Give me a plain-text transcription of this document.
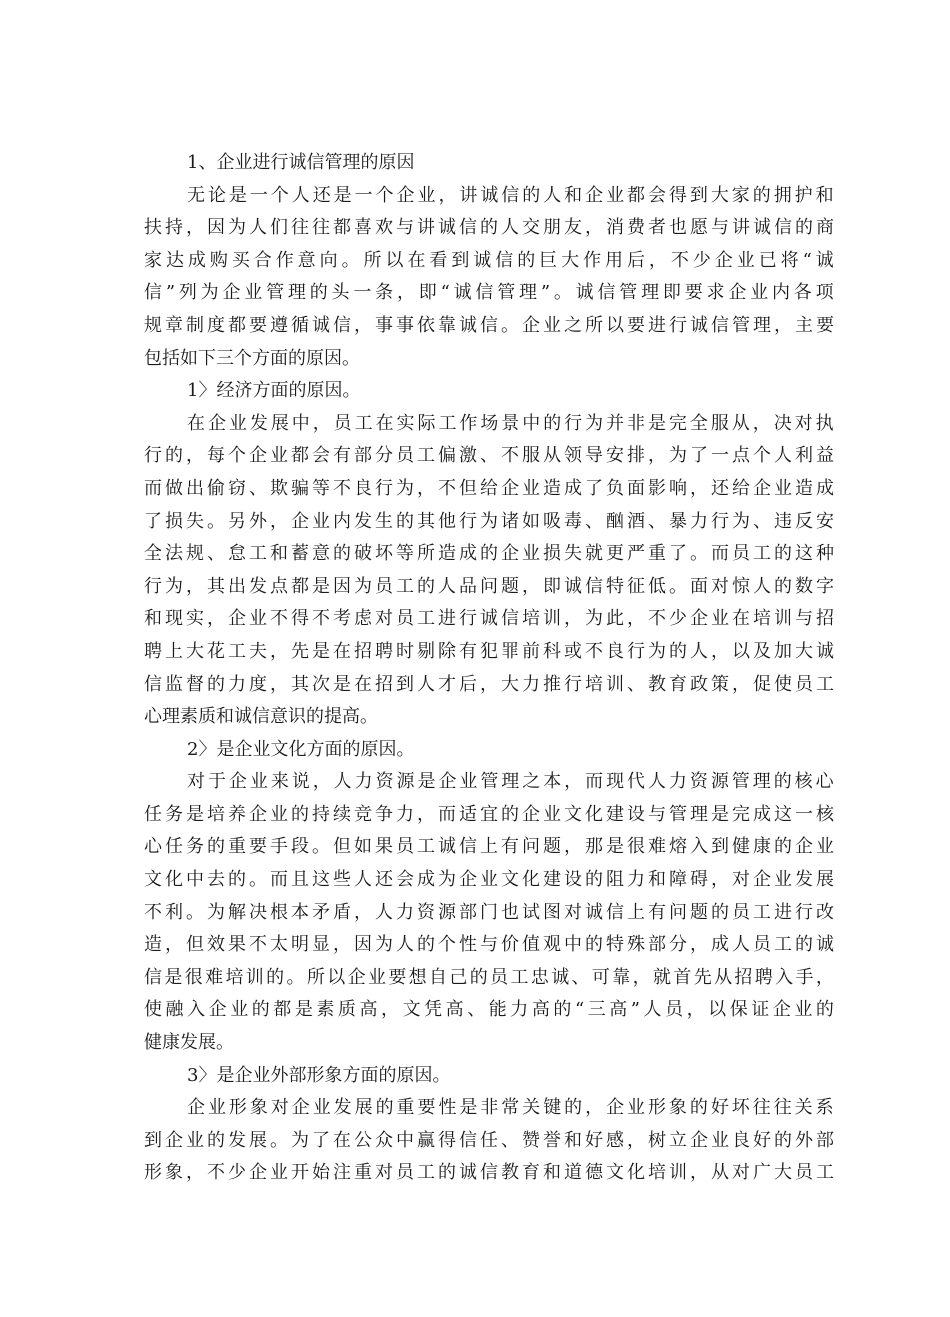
1、企业进行诚信管理的原因
无 论 是 一 个 人 还 是 一 个 企 业 ， 讲 诚 信 的 人 和 企 业 都 会 得 到 大 家 的 拥 护 和
扶 持 ， 因 为 人 们 往 往 都 喜 欢 与 讲 诚 信 的 人 交 朋 友 ， 消 费 者 也 愿 与 讲 诚 信 的 商
家 达 成 购 买 合 作 意 向 。 所 以 在 看 到 诚 信 的 巨 大 作 用 后 ， 不 少 企 业 已 将 “ 诚
信 ” 列 为 企 业 管 理 的 头 一 条 ， 即 “ 诚 信 管 理 ” 。 诚 信 管 理 即 要 求 企 业 内 各 项
规 章 制 度 都 要 遵 循 诚 信 ， 事 事 依 靠 诚 信 。 企 业 之 所 以 要 进 行 诚 信 管 理 ， 主 要
包括如下三个方面的原因。
1〉经济方面的原因。
在 企 业 发 展 中 ， 员 工 在 实 际 工 作 场 景 中 的 行 为 并 非 是 完 全 服 从 ， 决 对 执
行 的 ， 每 个 企 业 都 会 有 部 分 员 工 偏 激 、 不 服 从 领 导 安 排 ， 为 了 一 点 个 人 利 益
而 做 出 偷 窃 、 欺 骗 等 不 良 行 为 ， 不 但 给 企 业 造 成 了 负 面 影 响 ， 还 给 企 业 造 成
了 损 失 。 另 外 ， 企 业 内 发 生 的 其 他 行 为 诸 如 吸 毒 、 酗 酒 、 暴 力 行 为 、 违 反 安
全 法 规 、 怠 工 和 蓄 意 的 破 坏 等 所 造 成 的 企 业 损 失 就 更 严 重 了 。 而 员 工 的 这 种
行 为 ， 其 出 发 点 都 是 因 为 员 工 的 人 品 问 题 ， 即 诚 信 特 征 低 。 面 对 惊 人 的 数 字
和 现 实 ， 企 业 不 得 不 考 虑 对 员 工 进 行 诚 信 培 训 ， 为 此 ， 不 少 企 业 在 培 训 与 招
聘 上 大 花 工 夫 ， 先 是 在 招 聘 时 剔 除 有 犯 罪 前 科 或 不 良 行 为 的 人 ， 以 及 加 大 诚
信 监 督 的 力 度 ， 其 次 是 在 招 到 人 才 后 ， 大 力 推 行 培 训 、 教 育 政 策 ， 促 使 员 工
心理素质和诚信意识的提高。
2〉是企业文化方面的原因。
对 于 企 业 来 说 ， 人 力 资 源 是 企 业 管 理 之 本 ， 而 现 代 人 力 资 源 管 理 的 核 心
任 务 是 培 养 企 业 的 持 续 竞 争 力 ， 而 适 宜 的 企 业 文 化 建 设 与 管 理 是 完 成 这 一 核
心 任 务 的 重 要 手 段 。 但 如 果 员 工 诚 信 上 有 问 题 ， 那 是 很 难 熔 入 到 健 康 的 企 业
文 化 中 去 的 。 而 且 这 些 人 还 会 成 为 企 业 文 化 建 设 的 阻 力 和 障 碍 ， 对 企 业 发 展
不 利 。 为 解 决 根 本 矛 盾 ， 人 力 资 源 部 门 也 试 图 对 诚 信 上 有 问 题 的 员 工 进 行 改
造 ， 但 效 果 不 太 明 显 ， 因 为 人 的 个 性 与 价 值 观 中 的 特 殊 部 分 ， 成 人 员 工 的 诚
信 是 很 难 培 训 的 。 所 以 企 业 要 想 自 己 的 员 工 忠 诚 、 可 靠 ， 就 首 先 从 招 聘 入 手 ，
使 融 入 企 业 的 都 是 素 质 高 ， 文 凭 高 、 能 力 高 的 “ 三 高 ” 人 员 ， 以 保 证 企 业 的
健康发展。
3〉是企业外部形象方面的原因。
企 业 形 象 对 企 业 发 展 的 重 要 性 是 非 常 关 键 的 ， 企 业 形 象 的 好 坏 往 往 关 系
到 企 业 的 发 展 。 为 了 在 公 众 中 赢 得 信 任 、 赞 誉 和 好 感 ， 树 立 企 业 良 好 的 外 部
形 象 ， 不 少 企 业 开 始 注 重 对 员 工 的 诚 信 教 育 和 道 德 文 化 培 训 ， 从 对 广 大 员 工
